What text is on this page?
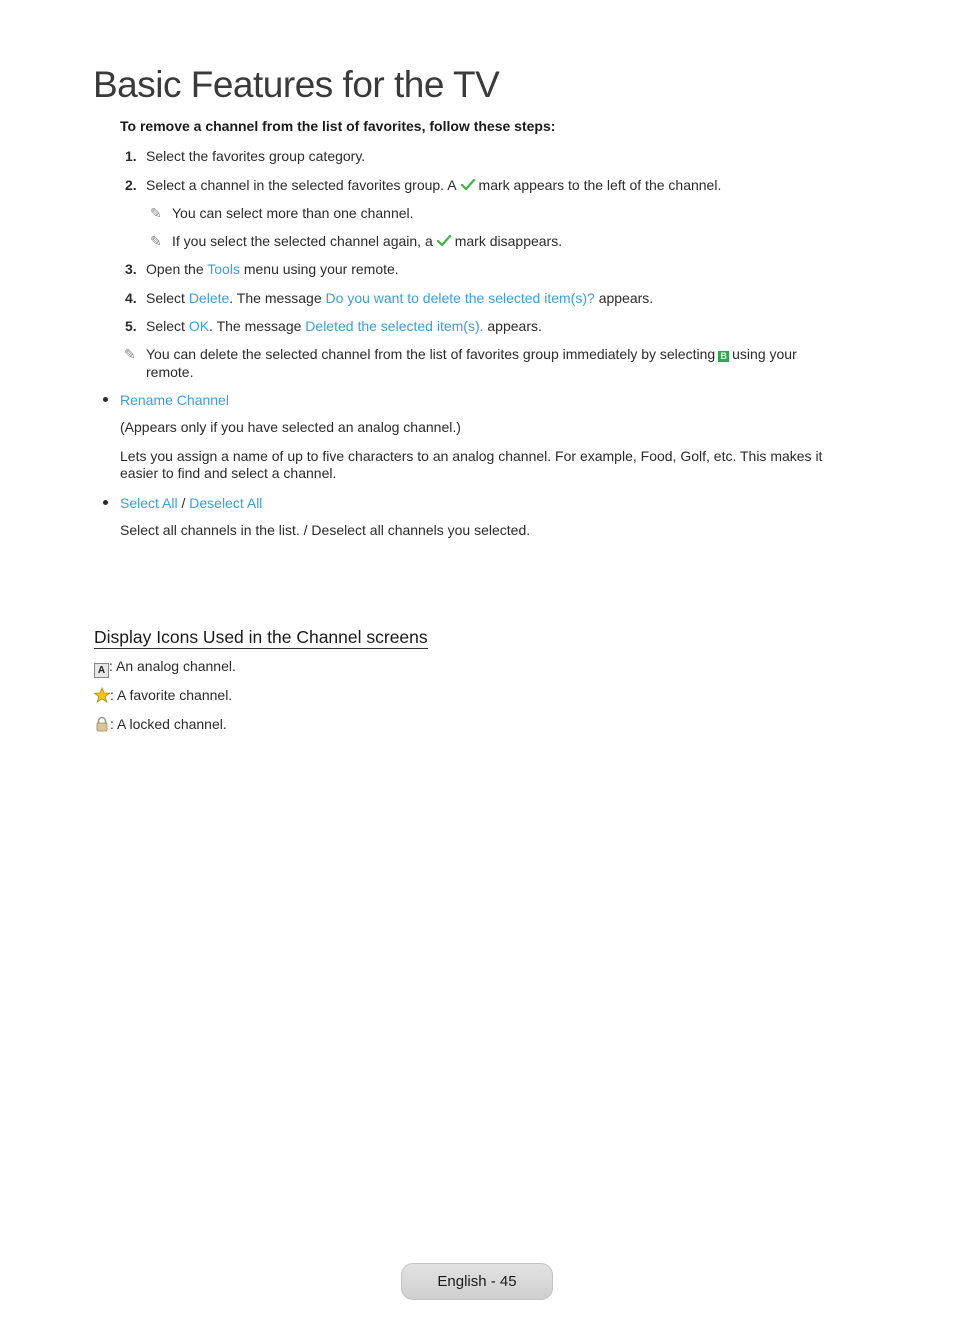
Basic Features for the TV
To remove a channel from the list of favorites, follow these steps:
1. Select the favorites group category.
2. Select a channel in the selected favorites group. A mark appears to the left of the channel.
✎ You can select more than one channel.
✎ If you select the selected channel again, a mark disappears.
3. Open the Tools menu using your remote.
4. Select Delete. The message Do you want to delete the selected item(s)? appears.
5. Select OK. The message Deleted the selected item(s). appears.
✎ You can delete the selected channel from the list of favorites group immediately by selecting B using your
remote.
Rename Channel
(Appears only if you have selected an analog channel.)
Lets you assign a name of up to five characters to an analog channel. For example, Food, Golf, etc. This makes it easier to find and select a channel.
Select All / Deselect All
Select all channels in the list. / Deselect all channels you selected.
Display Icons Used in the Channel screens
A : An analog channel.
: A favorite channel.
: A locked channel.
English - 45
